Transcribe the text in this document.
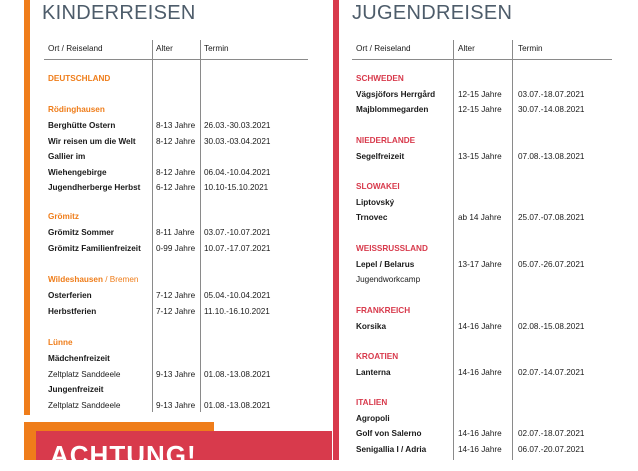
KINDERREISEN	JUGENDREISEN
Ort / Reiseland	Alter	Termin
DEUTSCHLAND
Rödinghausen
Berghütte Ostern	8-13 Jahre 26.03.-30.03.2021
Wir reisen um die Welt 8-12 Jahre 30.03.-03.04.2021
Gallier im
Wiehengebirge	8-12 Jahre 06.04.-10.04.2021
Jugendherberge Herbst 6-12 Jahre 10.10-15.10.2021
Grömitz
Grömitz Sommer	8-11 Jahre 03.07.-10.07.2021
Grömitz Familienfreizeit 0-99 Jahre 10.07.-17.07.2021
Wildeshausen / Bremen
Osterferien	7-12 Jahre 05.04.-10.04.2021
Herbstferien	7-12 Jahre 11.10.-16.10.2021
Lünne
Mädchenfreizeit
Zeltplatz Sanddeele	9-13 Jahre 01.08.-13.08.2021
Jungenfreizeit
Zeltplatz Sanddeele	9-13 Jahre 01.08.-13.08.2021
Ort / Reiseland	Alter	Termin
SCHWEDEN
Vägsjöfors Herrgård	12-15 Jahre 03.07.-18.07.2021
Majblommegarden	12-15 Jahre 30.07.-14.08.2021
NIEDERLANDE
Segelfreizeit	13-15 Jahre 07.08.-13.08.2021
SLOWAKEI
Liptovský
Trnovec	ab 14 Jahre 25.07.-07.08.2021
WEISSRUSSLAND
Lepel / Belarus	13-17 Jahre 05.07.-26.07.2021
Jugendworkcamp
FRANKREICH
Korsika	14-16 Jahre 02.08.-15.08.2021
KROATIEN
Lanterna	14-16 Jahre 02.07.-14.07.2021
ITALIEN
Agropoli
Golf von Salerno	14-16 Jahre 02.07.-18.07.2021
Senigallia I / Adria	14-16 Jahre 06.07.-20.07.2021
ACHTUNG!
